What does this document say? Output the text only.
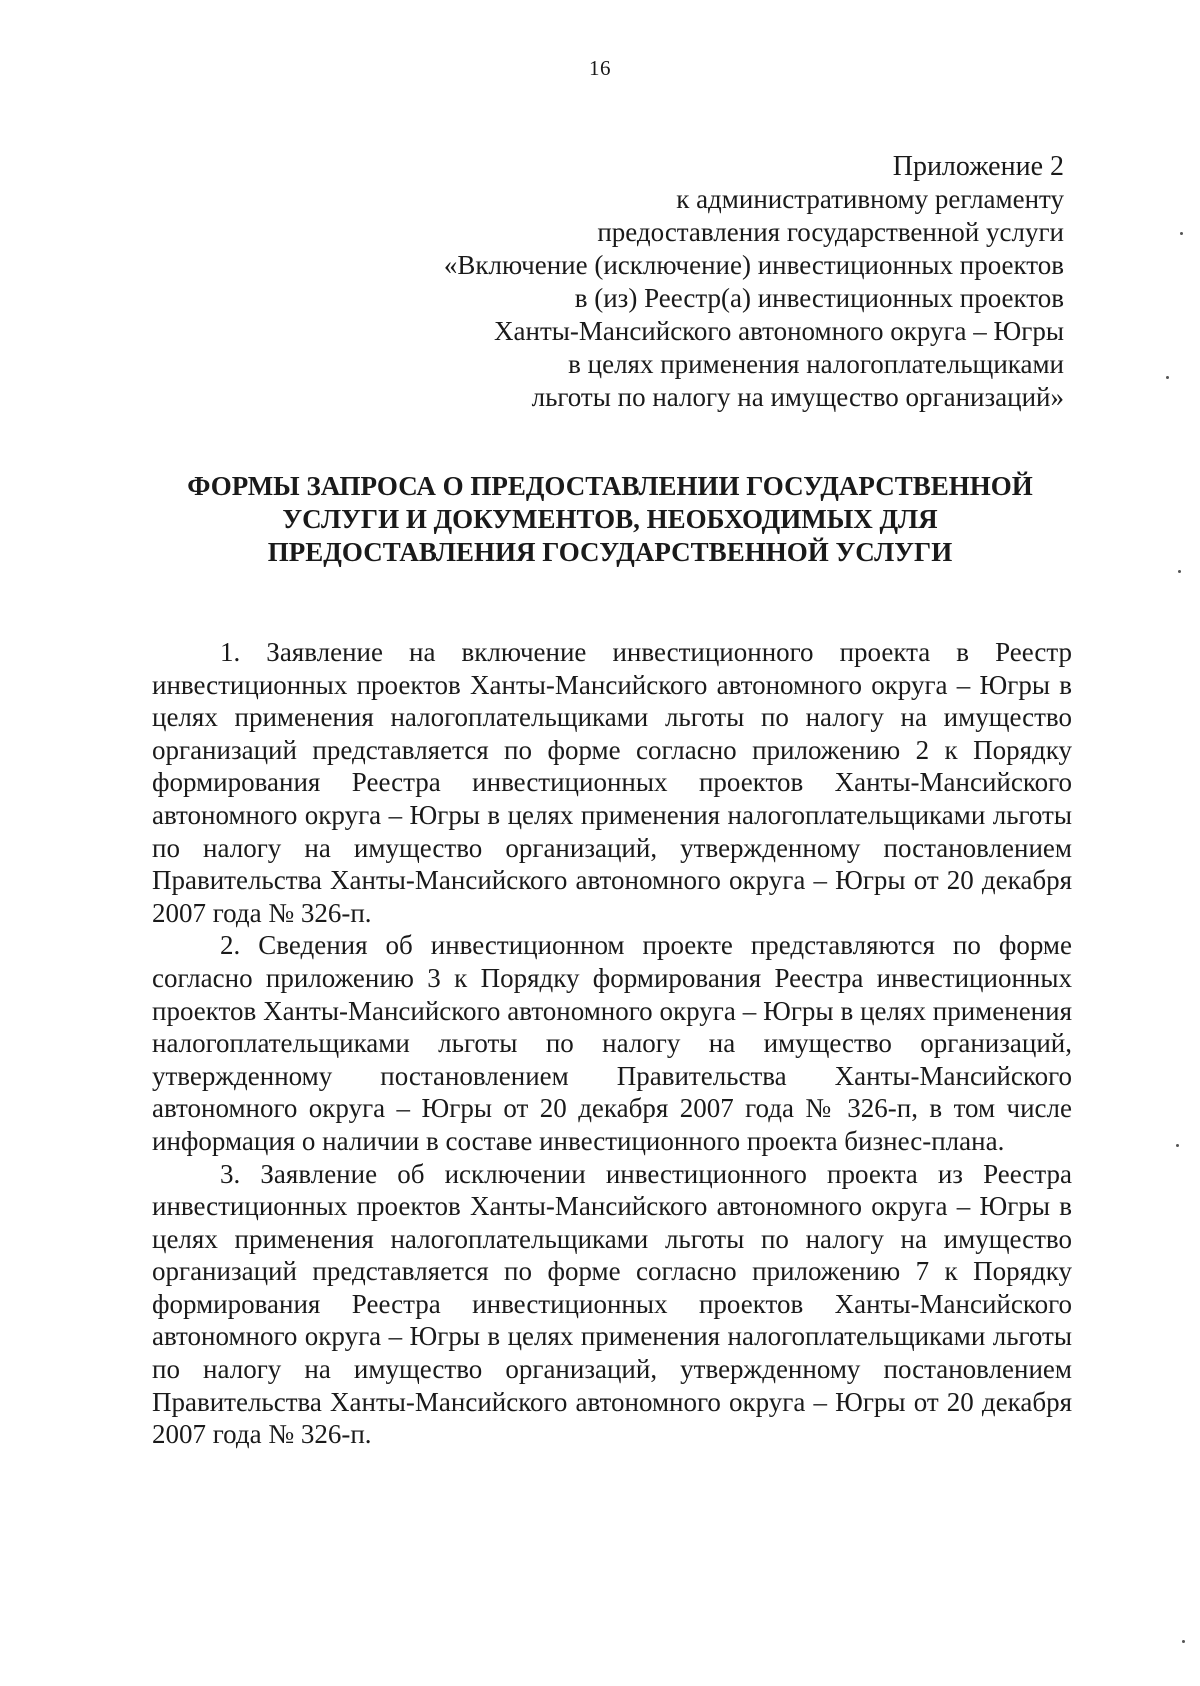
16
Приложение 2
к административному регламенту
предоставления государственной услуги
«Включение (исключение) инвестиционных проектов
в (из) Реестр(а) инвестиционных проектов
Ханты-Мансийского автономного округа – Югры
в целях применения налогоплательщиками
льготы по налогу на имущество организаций»
ФОРМЫ ЗАПРОСА О ПРЕДОСТАВЛЕНИИ ГОСУДАРСТВЕННОЙ
УСЛУГИ И ДОКУМЕНТОВ, НЕОБХОДИМЫХ ДЛЯ
ПРЕДОСТАВЛЕНИЯ ГОСУДАРСТВЕННОЙ УСЛУГИ

1. Заявление на включение инвестиционного проекта в Реестр инвестиционных проектов Ханты-Мансийского автономного округа – Югры в целях применения налогоплательщиками льготы по налогу на имущество организаций представляется по форме согласно приложению 2 к Порядку формирования Реестра инвестиционных проектов Ханты-Мансийского автономного округа – Югры в целях применения налогоплательщиками льготы по налогу на имущество организаций, утвержденному постановлением Правительства Ханты-Мансийского автономного округа – Югры от 20 декабря 2007 года № 326-п.

2. Сведения об инвестиционном проекте представляются по форме согласно приложению 3 к Порядку формирования Реестра инвестиционных проектов Ханты-Мансийского автономного округа – Югры в целях применения налогоплательщиками льготы по налогу на имущество организаций, утвержденному постановлением Правительства Ханты-Мансийского автономного округа – Югры от 20 декабря 2007 года № 326-п, в том числе информация о наличии в составе инвестиционного проекта бизнес-плана.

3. Заявление об исключении инвестиционного проекта из Реестра инвестиционных проектов Ханты-Мансийского автономного округа – Югры в целях применения налогоплательщиками льготы по налогу на имущество организаций представляется по форме согласно приложению 7 к Порядку формирования Реестра инвестиционных проектов Ханты-Мансийского автономного округа – Югры в целях применения налогоплательщиками льготы по налогу на имущество организаций, утвержденному постановлением Правительства Ханты-Мансийского автономного округа – Югры от 20 декабря 2007 года № 326-п.
